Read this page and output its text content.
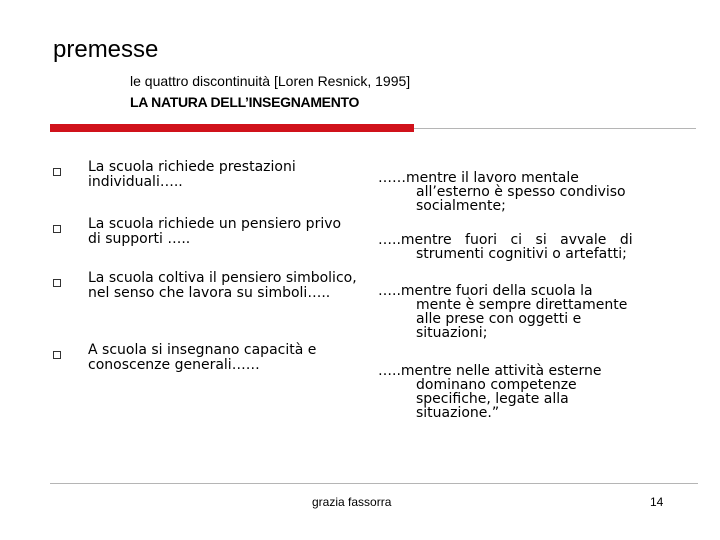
premesse
le quattro discontinuità [Loren Resnick, 1995]
LA NATURA DELL’INSEGNAMENTO
La scuola richiede prestazioni individuali…..	……mentre il lavoro mentale
all’esterno è spesso condiviso socialmente;
La scuola richiede un pensiero privo di supporti …..	…..mentre fuori ci si avvale di
strumenti cognitivi o artefatti;
La scuola coltiva il pensiero simbolico, nel senso che lavora su simboli…..	…..mentre fuori della scuola la
mente è sempre direttamente alle prese con oggetti e situazioni;
A scuola si insegnano capacità e conoscenze generali……	…..mentre nelle attività esterne
dominano competenze specifiche, legate alla situazione.”
grazia fassorra	14
